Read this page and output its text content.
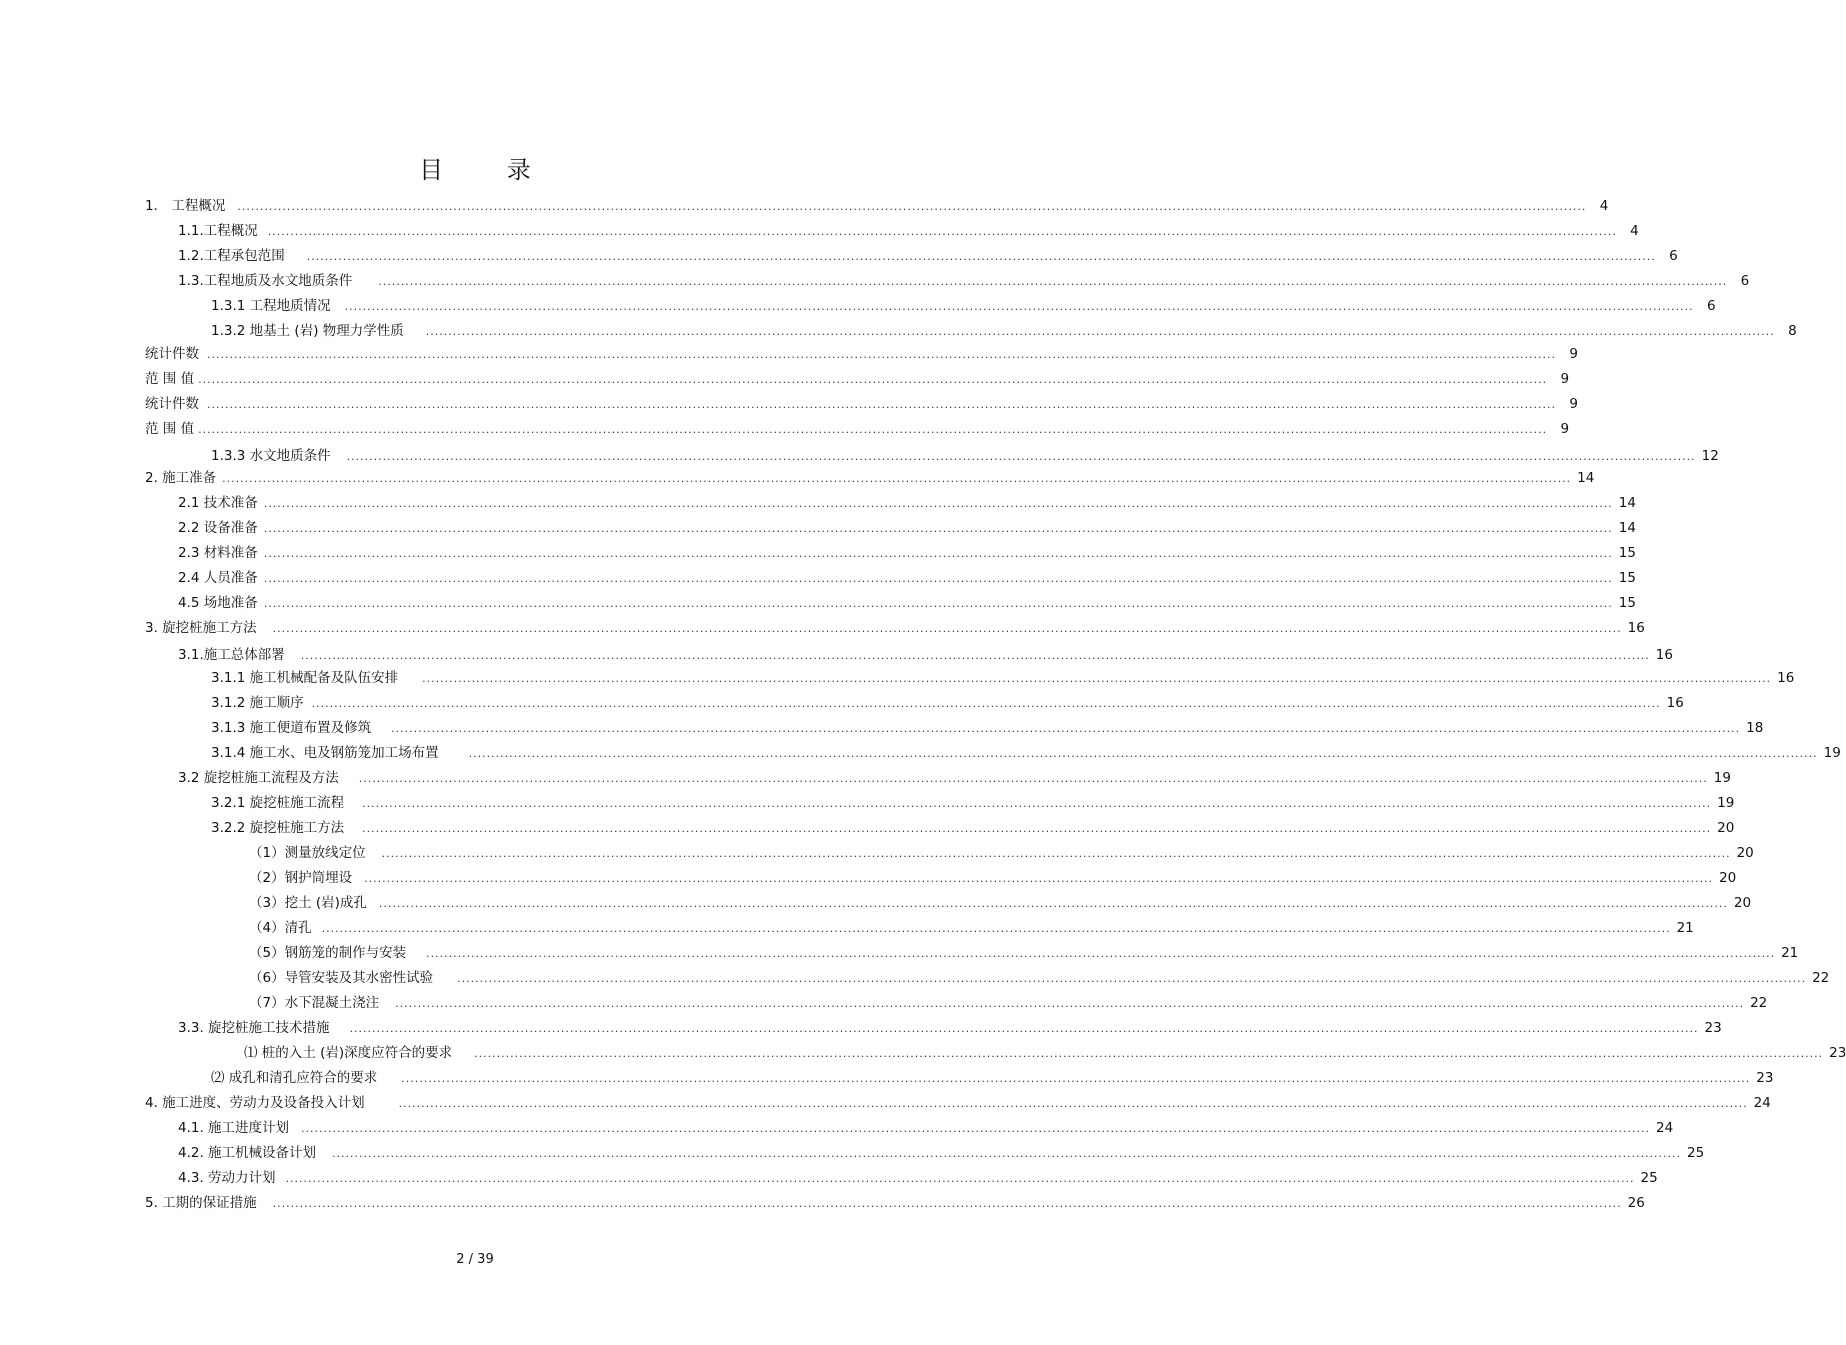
目 录
1． 工程概况 ............................................................................................................................................................................................................................................................................................................ 4
1.1.工程概况 ............................................................................................................................................................................................................................................................................................................ 4
1.2.工程承包范围 ............................................................................................................................................................................................................................................................................................................ 6
1.3.工程地质及水文地质条件 ............................................................................................................................................................................................................................................................................................................ 6
1.3.1 工程地质情况 ............................................................................................................................................................................................................................................................................................................ 6
1.3.2 地基土 (岩) 物理力学性质 ............................................................................................................................................................................................................................................................................................................ 8
统计件数 ............................................................................................................................................................................................................................................................................................................ 9
范 围 值 ............................................................................................................................................................................................................................................................................................................ 9
统计件数 ............................................................................................................................................................................................................................................................................................................ 9
范 围 值 ............................................................................................................................................................................................................................................................................................................ 9
1.3.3 水文地质条件 ............................................................................................................................................................................................................................................................................................................ 12
2. 施工准备 ............................................................................................................................................................................................................................................................................................................ 14
2.1 技术准备 ............................................................................................................................................................................................................................................................................................................ 14
2.2 设备准备 ............................................................................................................................................................................................................................................................................................................ 14
2.3 材料准备 ............................................................................................................................................................................................................................................................................................................ 15
2.4 人员准备 ............................................................................................................................................................................................................................................................................................................ 15
4.5 场地准备 ............................................................................................................................................................................................................................................................................................................ 15
3. 旋挖桩施工方法 ............................................................................................................................................................................................................................................................................................................ 16
3.1.施工总体部署 ............................................................................................................................................................................................................................................................................................................ 16
3.1.1 施工机械配备及队伍安排 ............................................................................................................................................................................................................................................................................................................ 16
3.1.2 施工顺序 ............................................................................................................................................................................................................................................................................................................ 16
3.1.3 施工便道布置及修筑 ............................................................................................................................................................................................................................................................................................................ 18
3.1.4 施工水、电及钢筋笼加工场布置	............................................................................................................................................................................................................................................................................................................ 19
3.2 旋挖桩施工流程及方法 ............................................................................................................................................................................................................................................................................................................ 19
3.2.1 旋挖桩施工流程 ............................................................................................................................................................................................................................................................................................................ 19
3.2.2 旋挖桩施工方法 ............................................................................................................................................................................................................................................................................................................ 20
（1）测量放线定位 ............................................................................................................................................................................................................................................................................................................ 20
（2）钢护筒埋设 ............................................................................................................................................................................................................................................................................................................ 20
（3）挖土 (岩)成孔 ............................................................................................................................................................................................................................................................................................................ 20
（4）清孔 ............................................................................................................................................................................................................................................................................................................ 21
（5）钢筋笼的制作与安装 ............................................................................................................................................................................................................................................................................................................ 21
（6）导管安装及其水密性试验 ............................................................................................................................................................................................................................................................................................................ 22
（7）水下混凝土浇注 ............................................................................................................................................................................................................................................................................................................ 22
3.3. 旋挖桩施工技术措施 ............................................................................................................................................................................................................................................................................................................ 23
⑴ 桩的入土 (岩)深度应符合的要求 ............................................................................................................................................................................................................................................................................................................ 23
⑵ 成孔和清孔应符合的要求 ............................................................................................................................................................................................................................................................................................................ 23
4. 施工进度、劳动力及设备投入计划	............................................................................................................................................................................................................................................................................................................ 24
4.1. 施工进度计划 ............................................................................................................................................................................................................................................................................................................ 24
4.2. 施工机械设备计划 ............................................................................................................................................................................................................................................................................................................ 25
4.3. 劳动力计划 ............................................................................................................................................................................................................................................................................................................ 25
5. 工期的保证措施 ............................................................................................................................................................................................................................................................................................................ 26
2 / 39
